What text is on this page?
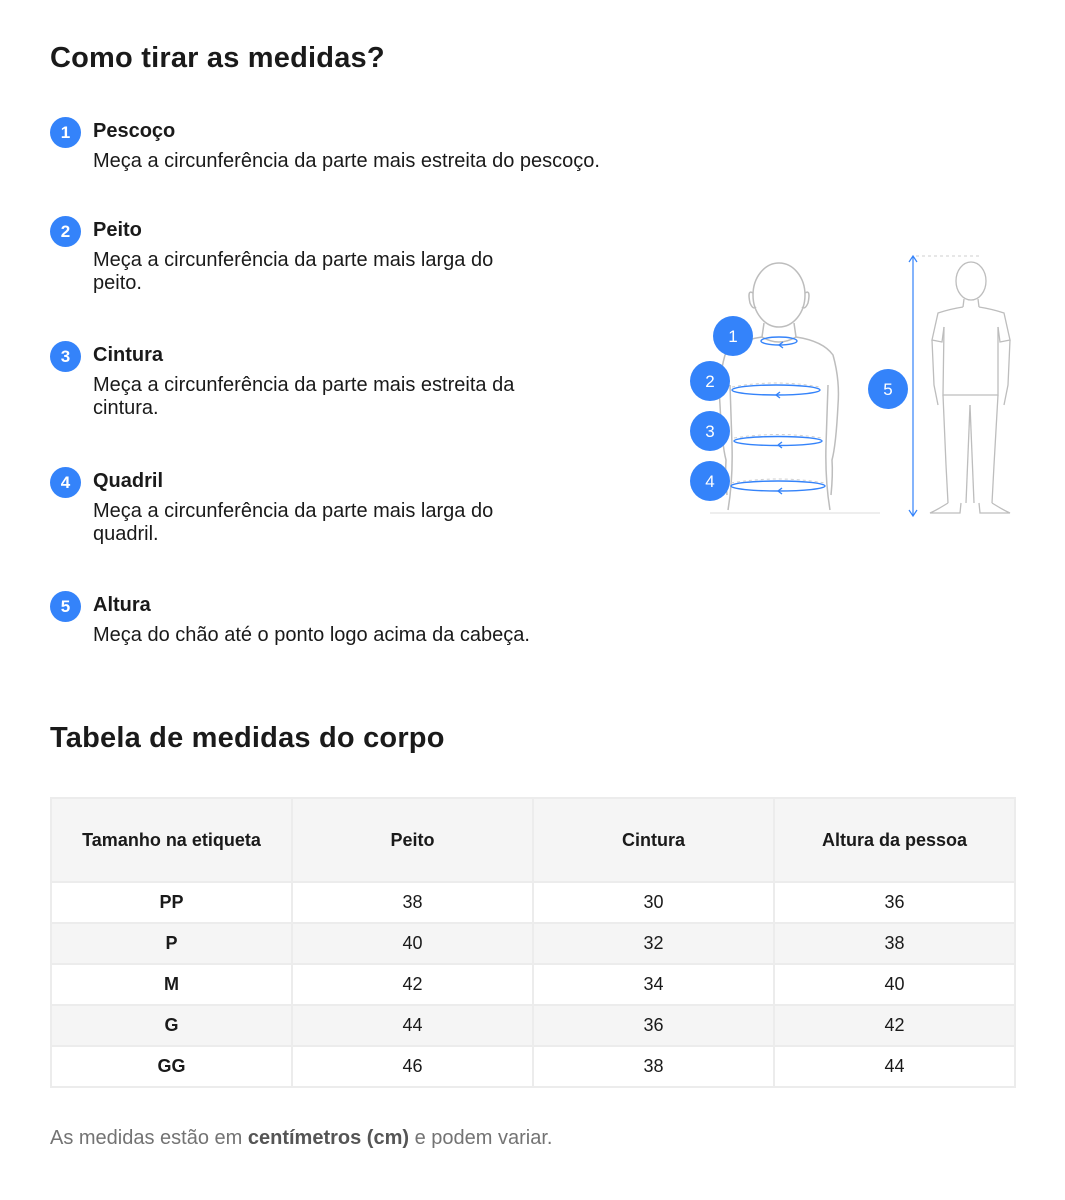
Como tirar as medidas?
1	Pescoço
Meça a circunferência da parte mais estreita do pescoço.
2	Peito
Meça a circunferência da parte mais larga do peito.
3	Cintura
Meça a circunferência da parte mais estreita da cintura.
4	Quadril
Meça a circunferência da parte mais larga do quadril.
5	Altura
Meça do chão até o ponto logo acima da cabeça.
1
2
3
4
5
Tabela de medidas do corpo
Tamanho na etiqueta	Peito	Cintura	Altura da pessoa
PP	38	30	36
P	40	32	38
M	42	34	40
G	44	36	42
GG	46	38	44

As medidas estão em centímetros (cm) e podem variar.
